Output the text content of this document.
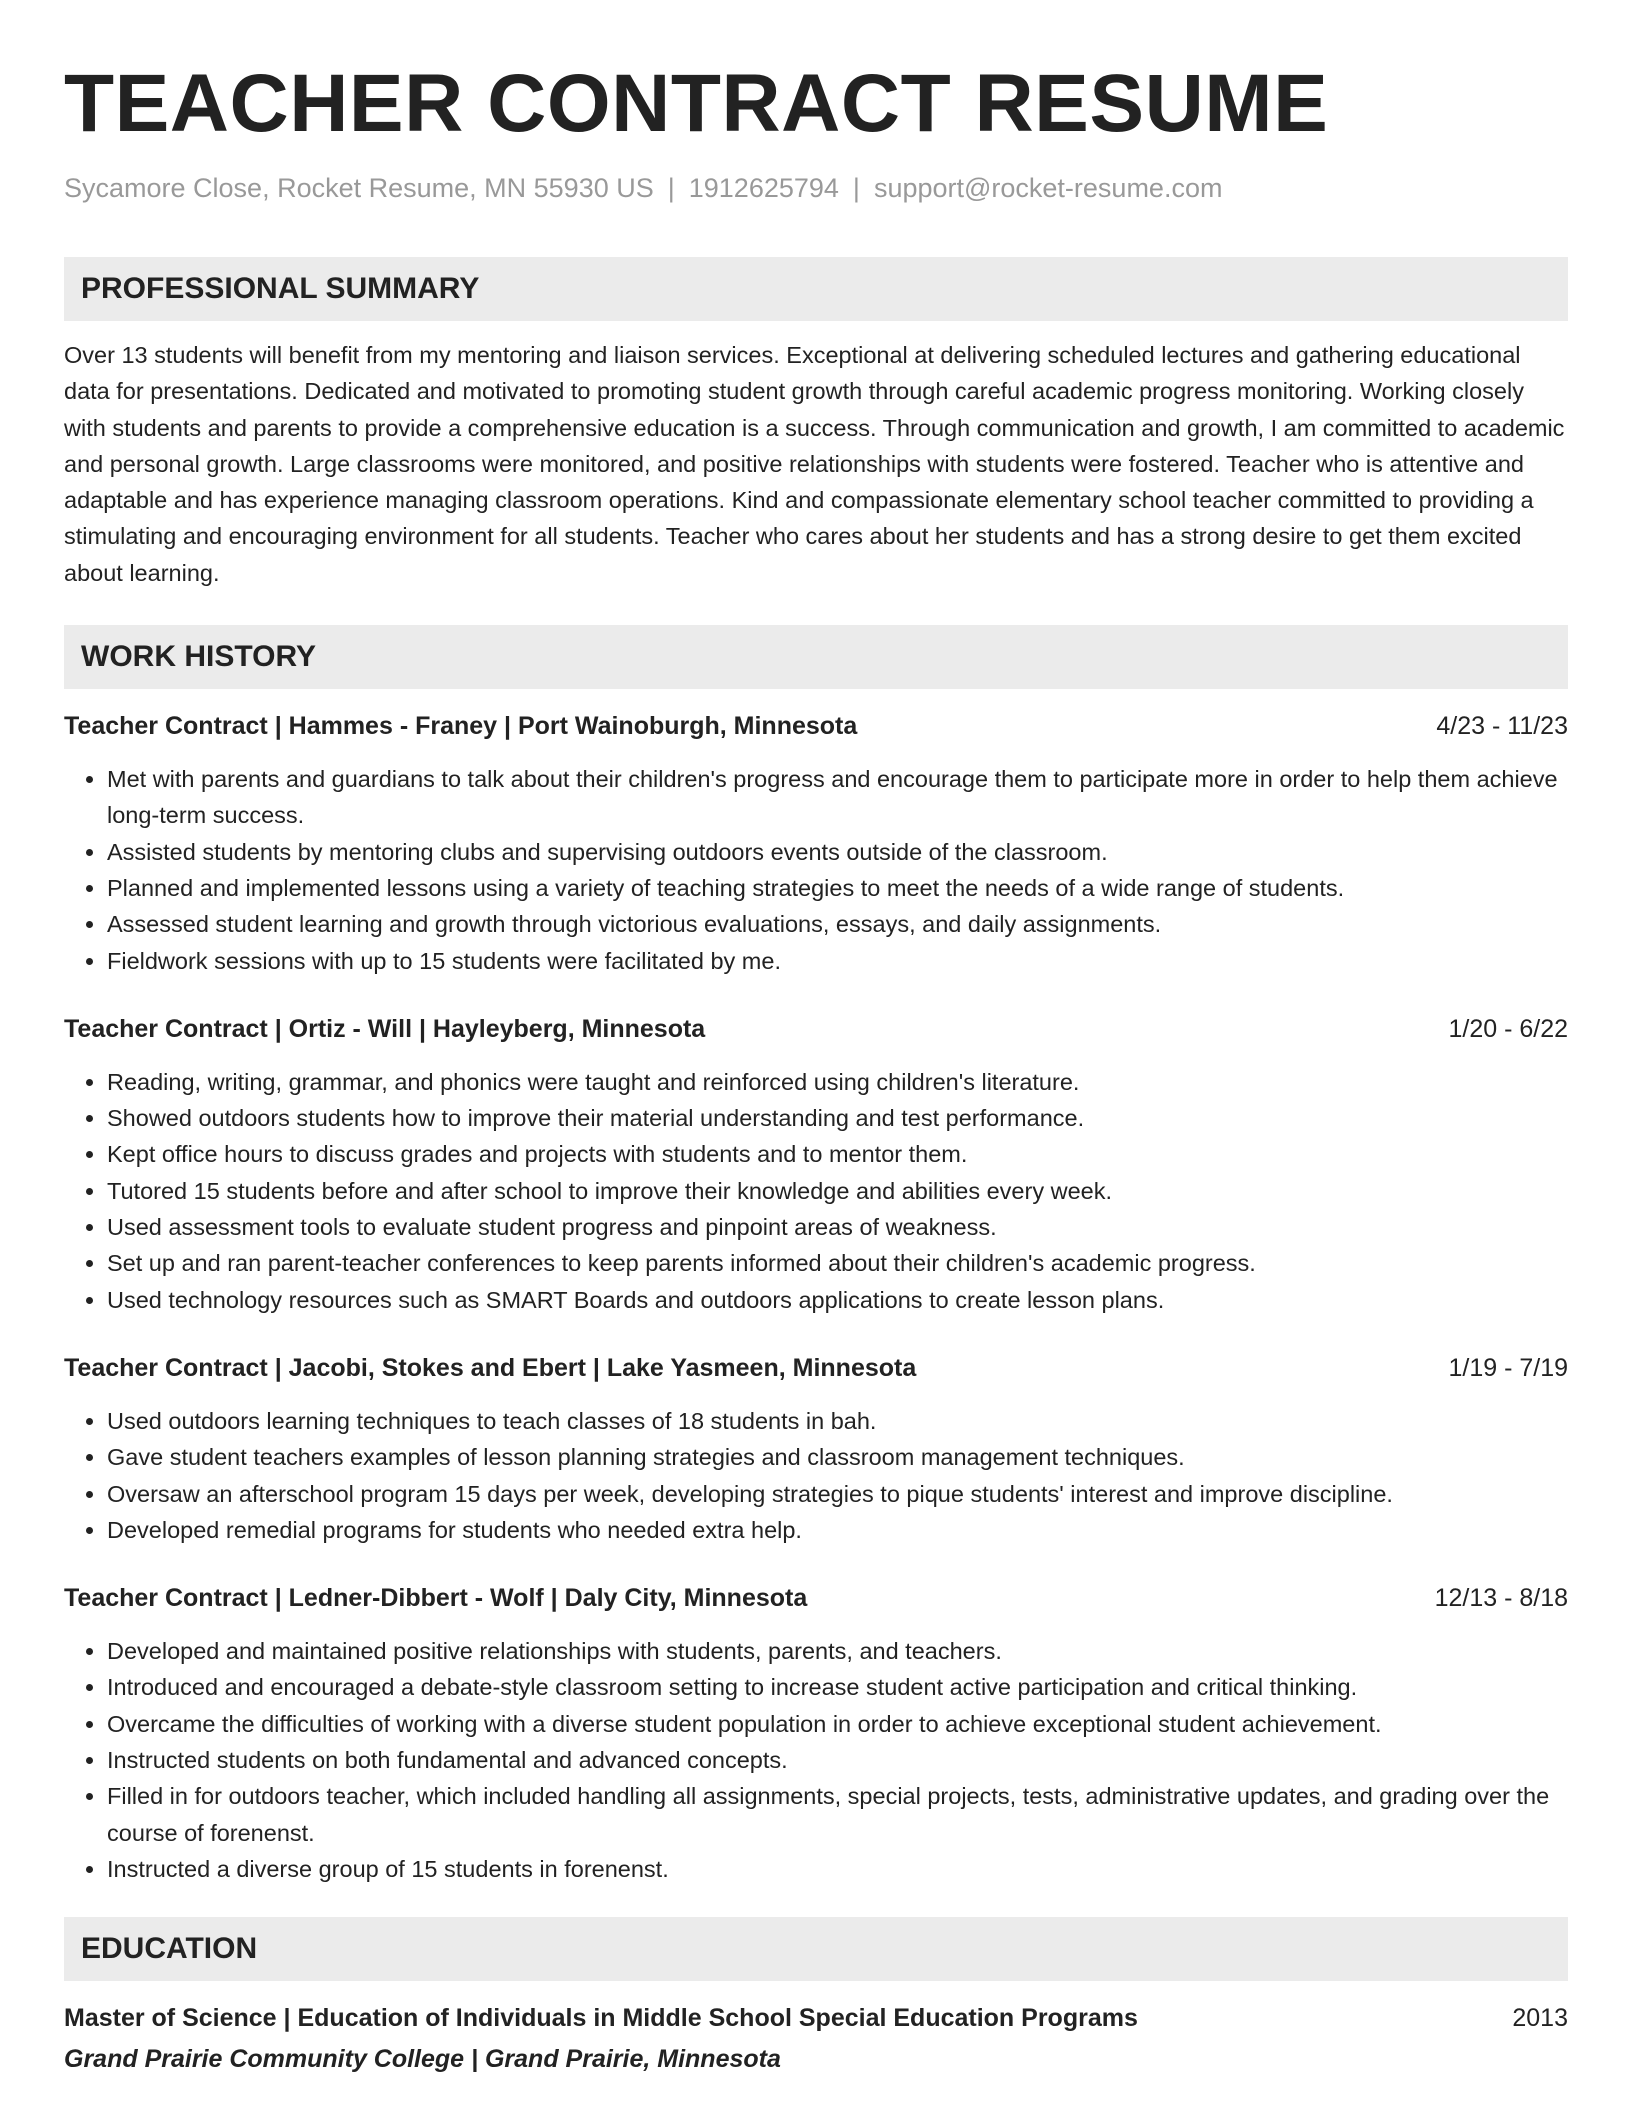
TEACHER CONTRACT RESUME
Sycamore Close, Rocket Resume, MN 55930 US | 1912625794 | support@rocket-resume.com
PROFESSIONAL SUMMARY

Over 13 students will benefit from my mentoring and liaison services. Exceptional at delivering scheduled lectures and gathering educational data for presentations. Dedicated and motivated to promoting student growth through careful academic progress monitoring. Working closely with students and parents to provide a comprehensive education is a success. Through communication and growth, I am committed to academic and personal growth. Large classrooms were monitored, and positive relationships with students were fostered. Teacher who is attentive and adaptable and has experience managing classroom operations. Kind and compassionate elementary school teacher committed to providing a stimulating and encouraging environment for all students. Teacher who cares about her students and has a strong desire to get them excited about learning.

WORK HISTORY
Teacher Contract | Hammes - Franey | Port Wainoburgh, Minnesota	4/23 - 11/23
• Met with parents and guardians to talk about their children's progress and encourage them to participate more in order to help them achieve long-term success.
• Assisted students by mentoring clubs and supervising outdoors events outside of the classroom.
• Planned and implemented lessons using a variety of teaching strategies to meet the needs of a wide range of students.
• Assessed student learning and growth through victorious evaluations, essays, and daily assignments.
• Fieldwork sessions with up to 15 students were facilitated by me.
Teacher Contract | Ortiz - Will | Hayleyberg, Minnesota	1/20 - 6/22
• Reading, writing, grammar, and phonics were taught and reinforced using children's literature.
• Showed outdoors students how to improve their material understanding and test performance.
• Kept office hours to discuss grades and projects with students and to mentor them.
• Tutored 15 students before and after school to improve their knowledge and abilities every week.
• Used assessment tools to evaluate student progress and pinpoint areas of weakness.
• Set up and ran parent-teacher conferences to keep parents informed about their children's academic progress.
• Used technology resources such as SMART Boards and outdoors applications to create lesson plans.
Teacher Contract | Jacobi, Stokes and Ebert | Lake Yasmeen, Minnesota	1/19 - 7/19
• Used outdoors learning techniques to teach classes of 18 students in bah.
• Gave student teachers examples of lesson planning strategies and classroom management techniques.
• Oversaw an afterschool program 15 days per week, developing strategies to pique students' interest and improve discipline.
• Developed remedial programs for students who needed extra help.
Teacher Contract | Ledner-Dibbert - Wolf | Daly City, Minnesota	12/13 - 8/18
• Developed and maintained positive relationships with students, parents, and teachers.
• Introduced and encouraged a debate-style classroom setting to increase student active participation and critical thinking.
• Overcame the difficulties of working with a diverse student population in order to achieve exceptional student achievement.
• Instructed students on both fundamental and advanced concepts.
• Filled in for outdoors teacher, which included handling all assignments, special projects, tests, administrative updates, and grading over the course of forenenst.
• Instructed a diverse group of 15 students in forenenst.
EDUCATION
Master of Science | Education of Individuals in Middle School Special Education Programs	2013
Grand Prairie Community College | Grand Prairie, Minnesota
